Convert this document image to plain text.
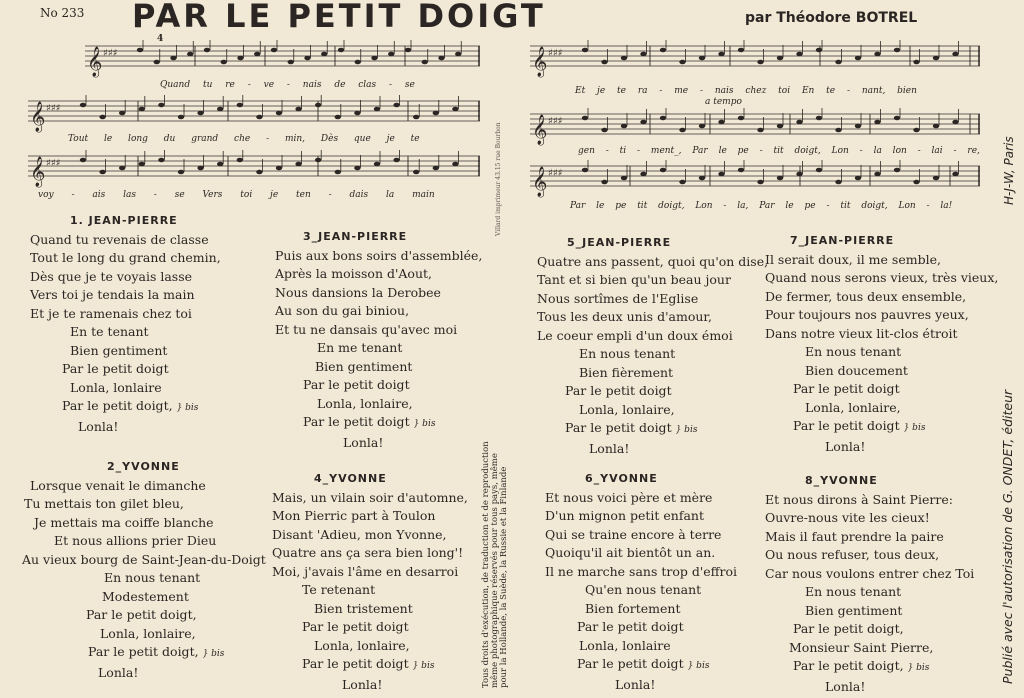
No 233 PAR LE PETIT DOIGT	par Théodore BOTREL
𝄞 ♯♯♯
𝄞 ♯♯♯
𝄞 ♯♯♯
𝄞 ♯♯♯
𝄞 ♯♯♯
𝄞 ♯♯♯
4
Quand tu re - ve - nais de clas - se
Tout le long du grand che - min, Dès que je te
voy - ais las - se Vers toi je ten - dais la main
Et je te ra - me - nais chez toi En te - nant, bien
a tempo
gen - ti - ment_, Par le pe - tit doigt, Lon - la lon - lai - re,
Par le pe tit doigt, Lon - la, Par le pe - tit doigt, Lon - la!
1. JEAN-PIERRE
Quand tu revenais de classe
Tout le long du grand chemin,
Dès que je te voyais lasse
Vers toi je tendais la main
Et je te ramenais chez toi
En te tenant
Bien gentiment
Par le petit doigt
Lonla, lonlaire
Par le petit doigt, } bis
Lonla!
2_YVONNE
Lorsque venait le dimanche
Tu mettais ton gilet bleu,
Je mettais ma coiffe blanche
Et nous allions prier Dieu
Au vieux bourg de Saint-Jean-du-Doigt
En nous tenant
Modestement
Par le petit doigt,
Lonla, lonlaire,
Par le petit doigt, } bis
Lonla!
3_JEAN-PIERRE
Puis aux bons soirs d'assemblée,
Après la moisson d'Aout,
Nous dansions la Derobee
Au son du gai biniou,
Et tu ne dansais qu'avec moi
En me tenant
Bien gentiment
Par le petit doigt
Lonla, lonlaire,
Par le petit doigt } bis
Lonla!
4_YVONNE
Mais, un vilain soir d'automne,
Mon Pierric part à Toulon
Disant 'Adieu, mon Yvonne,
Quatre ans ça sera bien long'!
Moi, j'avais l'âme en desarroi
Te retenant
Bien tristement
Par le petit doigt
Lonla, lonlaire,
Par le petit doigt } bis
Lonla!
5_JEAN-PIERRE
Quatre ans passent, quoi qu'on dise,
Tant et si bien qu'un beau jour
Nous sortîmes de l'Eglise
Tous les deux unis d'amour,
Le coeur empli d'un doux émoi
En nous tenant
Bien fièrement
Par le petit doigt
Lonla, lonlaire,
Par le petit doigt } bis
Lonla!
6_YVONNE
Et nous voici père et mère
D'un mignon petit enfant
Qui se traine encore à terre
Quoiqu'il ait bientôt un an.
Il ne marche sans trop d'effroi
Qu'en nous tenant
Bien fortement
Par le petit doigt
Lonla, lonlaire
Par le petit doigt } bis
Lonla!
7_JEAN-PIERRE
Il serait doux, il me semble,
Quand nous serons vieux, très vieux,
De fermer, tous deux ensemble,
Pour toujours nos pauvres yeux,
Dans notre vieux lit-clos étroit
En nous tenant
Bien doucement
Par le petit doigt
Lonla, lonlaire,
Par le petit doigt } bis
Lonla!
8_YVONNE
Et nous dirons à Saint Pierre:
Ouvre-nous vite les cieux!
Mais il faut prendre la paire
Ou nous refuser, tous deux,
Car nous voulons entrer chez Toi
En nous tenant
Bien gentiment
Par le petit doigt,
Monsieur Saint Pierre,
Par le petit doigt, } bis
Lonla!
Publié avec l'autorisation de G. ONDET, éditeur
H-J-W, Paris
Tous droits d'exécution, de traduction et de reproduction même photographique réservés pour tous pays, même pour la Hollande, la Suède, la Russie et la Finlande
Villard imprimeur 43.15 rue Bourbon
